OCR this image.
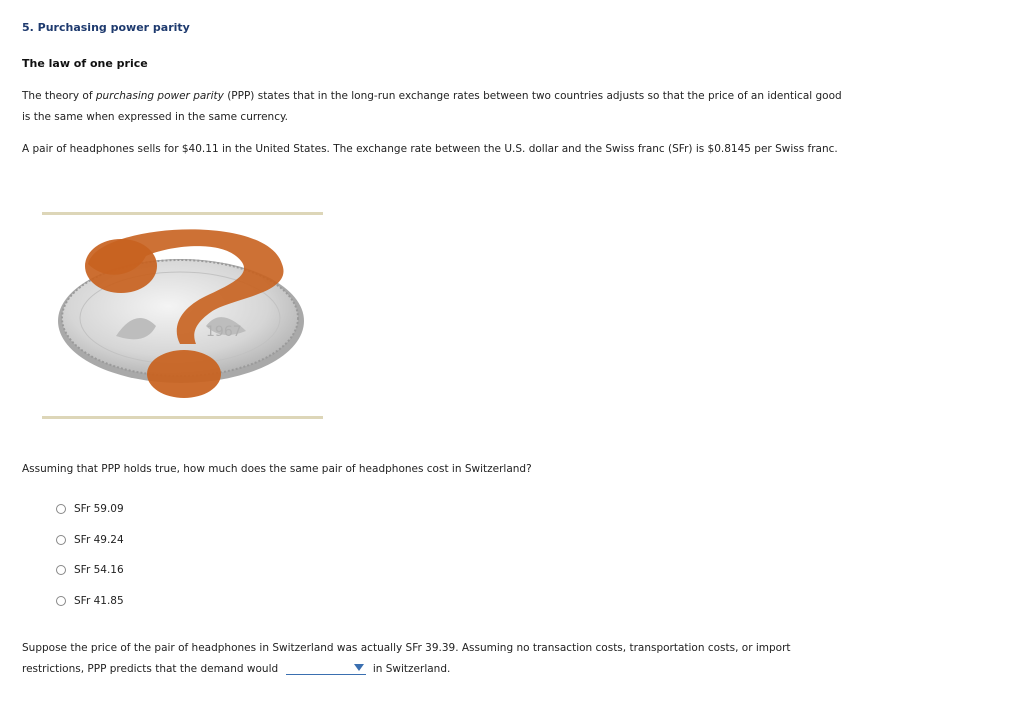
5. Purchasing power parity
The law of one price
The theory of purchasing power parity (PPP) states that in the long-run exchange rates between two countries adjusts so that the price of an identical good is the same when expressed in the same currency.
A pair of headphones sells for $40.11 in the United States. The exchange rate between the U.S. dollar and the Swiss franc (SFr) is $0.8145 per Swiss franc.
1967
Assuming that PPP holds true, how much does the same pair of headphones cost in Switzerland?
SFr 59.09
SFr 49.24
SFr 54.16
SFr 41.85
Suppose the price of the pair of headphones in Switzerland was actually SFr 39.39. Assuming no transaction costs, transportation costs, or import
restrictions, PPP predicts that the demand would	in Switzerland.
